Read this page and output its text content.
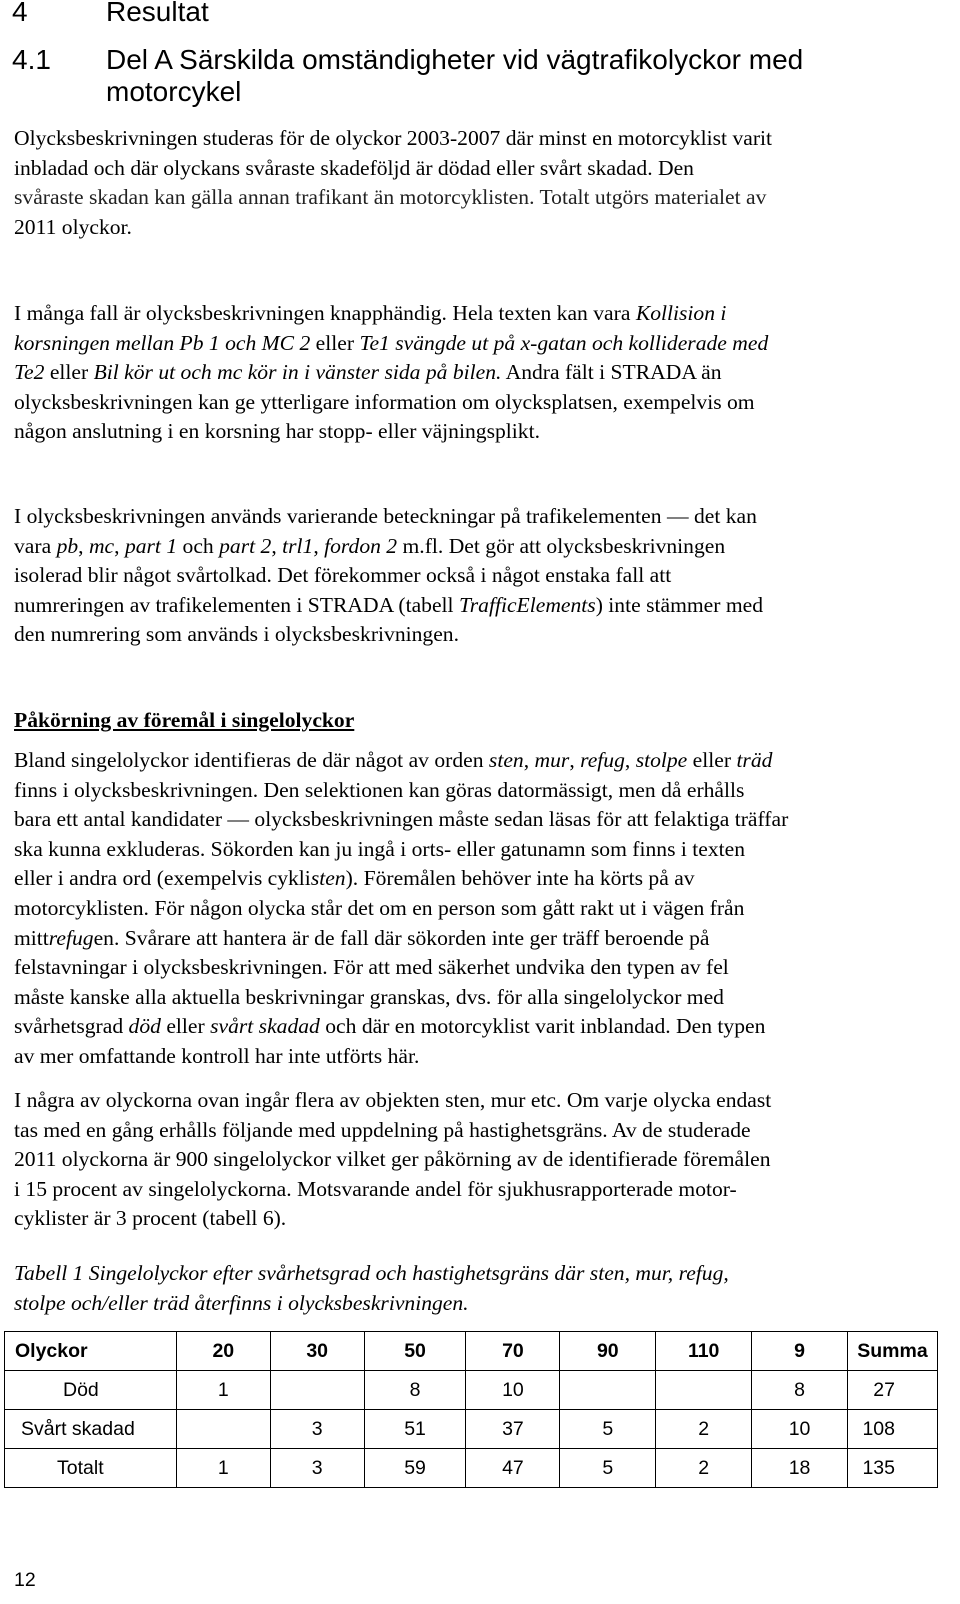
4	Resultat
4.1 Del A Särskilda omständigheter vid vägtrafikolyckor med
motorcykel
Olycksbeskrivningen studeras för de olyckor 2003-2007 där minst en motorcyklist varit
inbladad och där olyckans svåraste skadeföljd är dödad eller svårt skadad. Den
svåraste skadan kan gälla annan trafikant än motorcyklisten. Totalt utgörs materialet av
2011 olyckor.
I många fall är olycksbeskrivningen knapphändig. Hela texten kan vara Kollision i
korsningen mellan Pb 1 och MC 2 eller Te1 svängde ut på x-gatan och kolliderade med
Te2 eller Bil kör ut och mc kör in i vänster sida på bilen. Andra fält i STRADA än
olycksbeskrivningen kan ge ytterligare information om olycksplatsen, exempelvis om
någon anslutning i en korsning har stopp- eller väjningsplikt.
I olycksbeskrivningen används varierande beteckningar på trafikelementen — det kan
vara pb, mc, part 1 och part 2, trl1, fordon 2 m.fl. Det gör att olycksbeskrivningen
isolerad blir något svårtolkad. Det förekommer också i något enstaka fall att
numreringen av trafikelementen i STRADA (tabell TrafficElements) inte stämmer med
den numrering som används i olycksbeskrivningen.
Påkörning av föremål i singelolyckor
Bland singelolyckor identifieras de där något av orden sten, mur, refug, stolpe eller träd
finns i olycksbeskrivningen. Den selektionen kan göras datormässigt, men då erhålls
bara ett antal kandidater — olycksbeskrivningen måste sedan läsas för att felaktiga träffar
ska kunna exkluderas. Sökorden kan ju ingå i orts- eller gatunamn som finns i texten
eller i andra ord (exempelvis cyklisten). Föremålen behöver inte ha körts på av
motorcyklisten. För någon olycka står det om en person som gått rakt ut i vägen från
mittrefugen. Svårare att hantera är de fall där sökorden inte ger träff beroende på
felstavningar i olycksbeskrivningen. För att med säkerhet undvika den typen av fel
måste kanske alla aktuella beskrivningar granskas, dvs. för alla singelolyckor med
svårhetsgrad död eller svårt skadad och där en motorcyklist varit inblandad. Den typen
av mer omfattande kontroll har inte utförts här.
I några av olyckorna ovan ingår flera av objekten sten, mur etc. Om varje olycka endast
tas med en gång erhålls följande med uppdelning på hastighetsgräns. Av de studerade
2011 olyckorna är 900 singelolyckor vilket ger påkörning av de identifierade föremålen
i 15 procent av singelolyckorna. Motsvarande andel för sjukhusrapporterade motor-
cyklister är 3 procent (tabell 6).
Tabell 1 Singelolyckor efter svårhetsgrad och hastighetsgräns där sten, mur, refug,
stolpe och/eller träd återfinns i olycksbeskrivningen.
Olyckor	20	30	50	70	90	110	9	Summa
Död	1		8	10			8	27
Svårt skadad		3	51	37	5	2	10	108
Totalt	1	3	59	47	5	2	18	135
12
